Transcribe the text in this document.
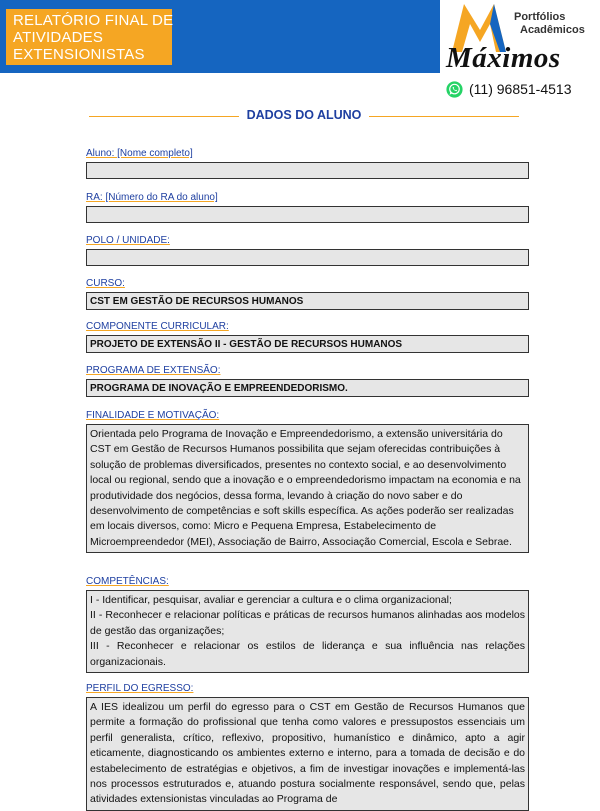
RELATÓRIO FINAL DE
ATIVIDADES
EXTENSIONISTAS
Portfólios
Acadêmicos
Máximos
(11) 96851-4513
DADOS DO ALUNO
Aluno: [Nome completo]
RA: [Número do RA do aluno]
POLO / UNIDADE:
CURSO:
CST EM GESTÃO DE RECURSOS HUMANOS
COMPONENTE CURRICULAR:
PROJETO DE EXTENSÃO II - GESTÃO DE RECURSOS HUMANOS
PROGRAMA DE EXTENSÃO:
PROGRAMA DE INOVAÇÃO E EMPREENDEDORISMO.
FINALIDADE E MOTIVAÇÃO:

Orientada pelo Programa de Inovação e Empreendedorismo, a extensão universitária do CST em Gestão de Recursos Humanos possibilita que sejam oferecidas contribuições à solução de problemas diversificados, presentes no contexto social, e ao desenvolvimento local ou regional, sendo que a inovação e o empreendedorismo impactam na economia e na produtividade dos negócios, dessa forma, levando à criação do novo saber e do desenvolvimento de competências e soft skills específica. As ações poderão ser realizadas em locais diversos, como: Micro e Pequena Empresa, Estabelecimento de Microempreendedor (MEI), Associação de Bairro, Associação Comercial, Escola e Sebrae.

COMPETÊNCIAS:

I - Identificar, pesquisar, avaliar e gerenciar a cultura e o clima organizacional;

II - Reconhecer e relacionar políticas e práticas de recursos humanos alinhadas aos modelos de gestão das organizações;

III - Reconhecer e relacionar os estilos de liderança e sua influência nas relações organizacionais.

PERFIL DO EGRESSO:

A IES idealizou um perfil do egresso para o CST em Gestão de Recursos Humanos que permite a formação do profissional que tenha como valores e pressupostos essenciais um perfil generalista, crítico, reflexivo, propositivo, humanístico e dinâmico, apto a agir eticamente, diagnosticando os ambientes externo e interno, para a tomada de decisão e do estabelecimento de estratégias e objetivos, a fim de investigar inovações e implementá-las nos processos estruturados e, atuando postura socialmente responsável, sendo que, pelas atividades extensionistas vinculadas ao Programa de
